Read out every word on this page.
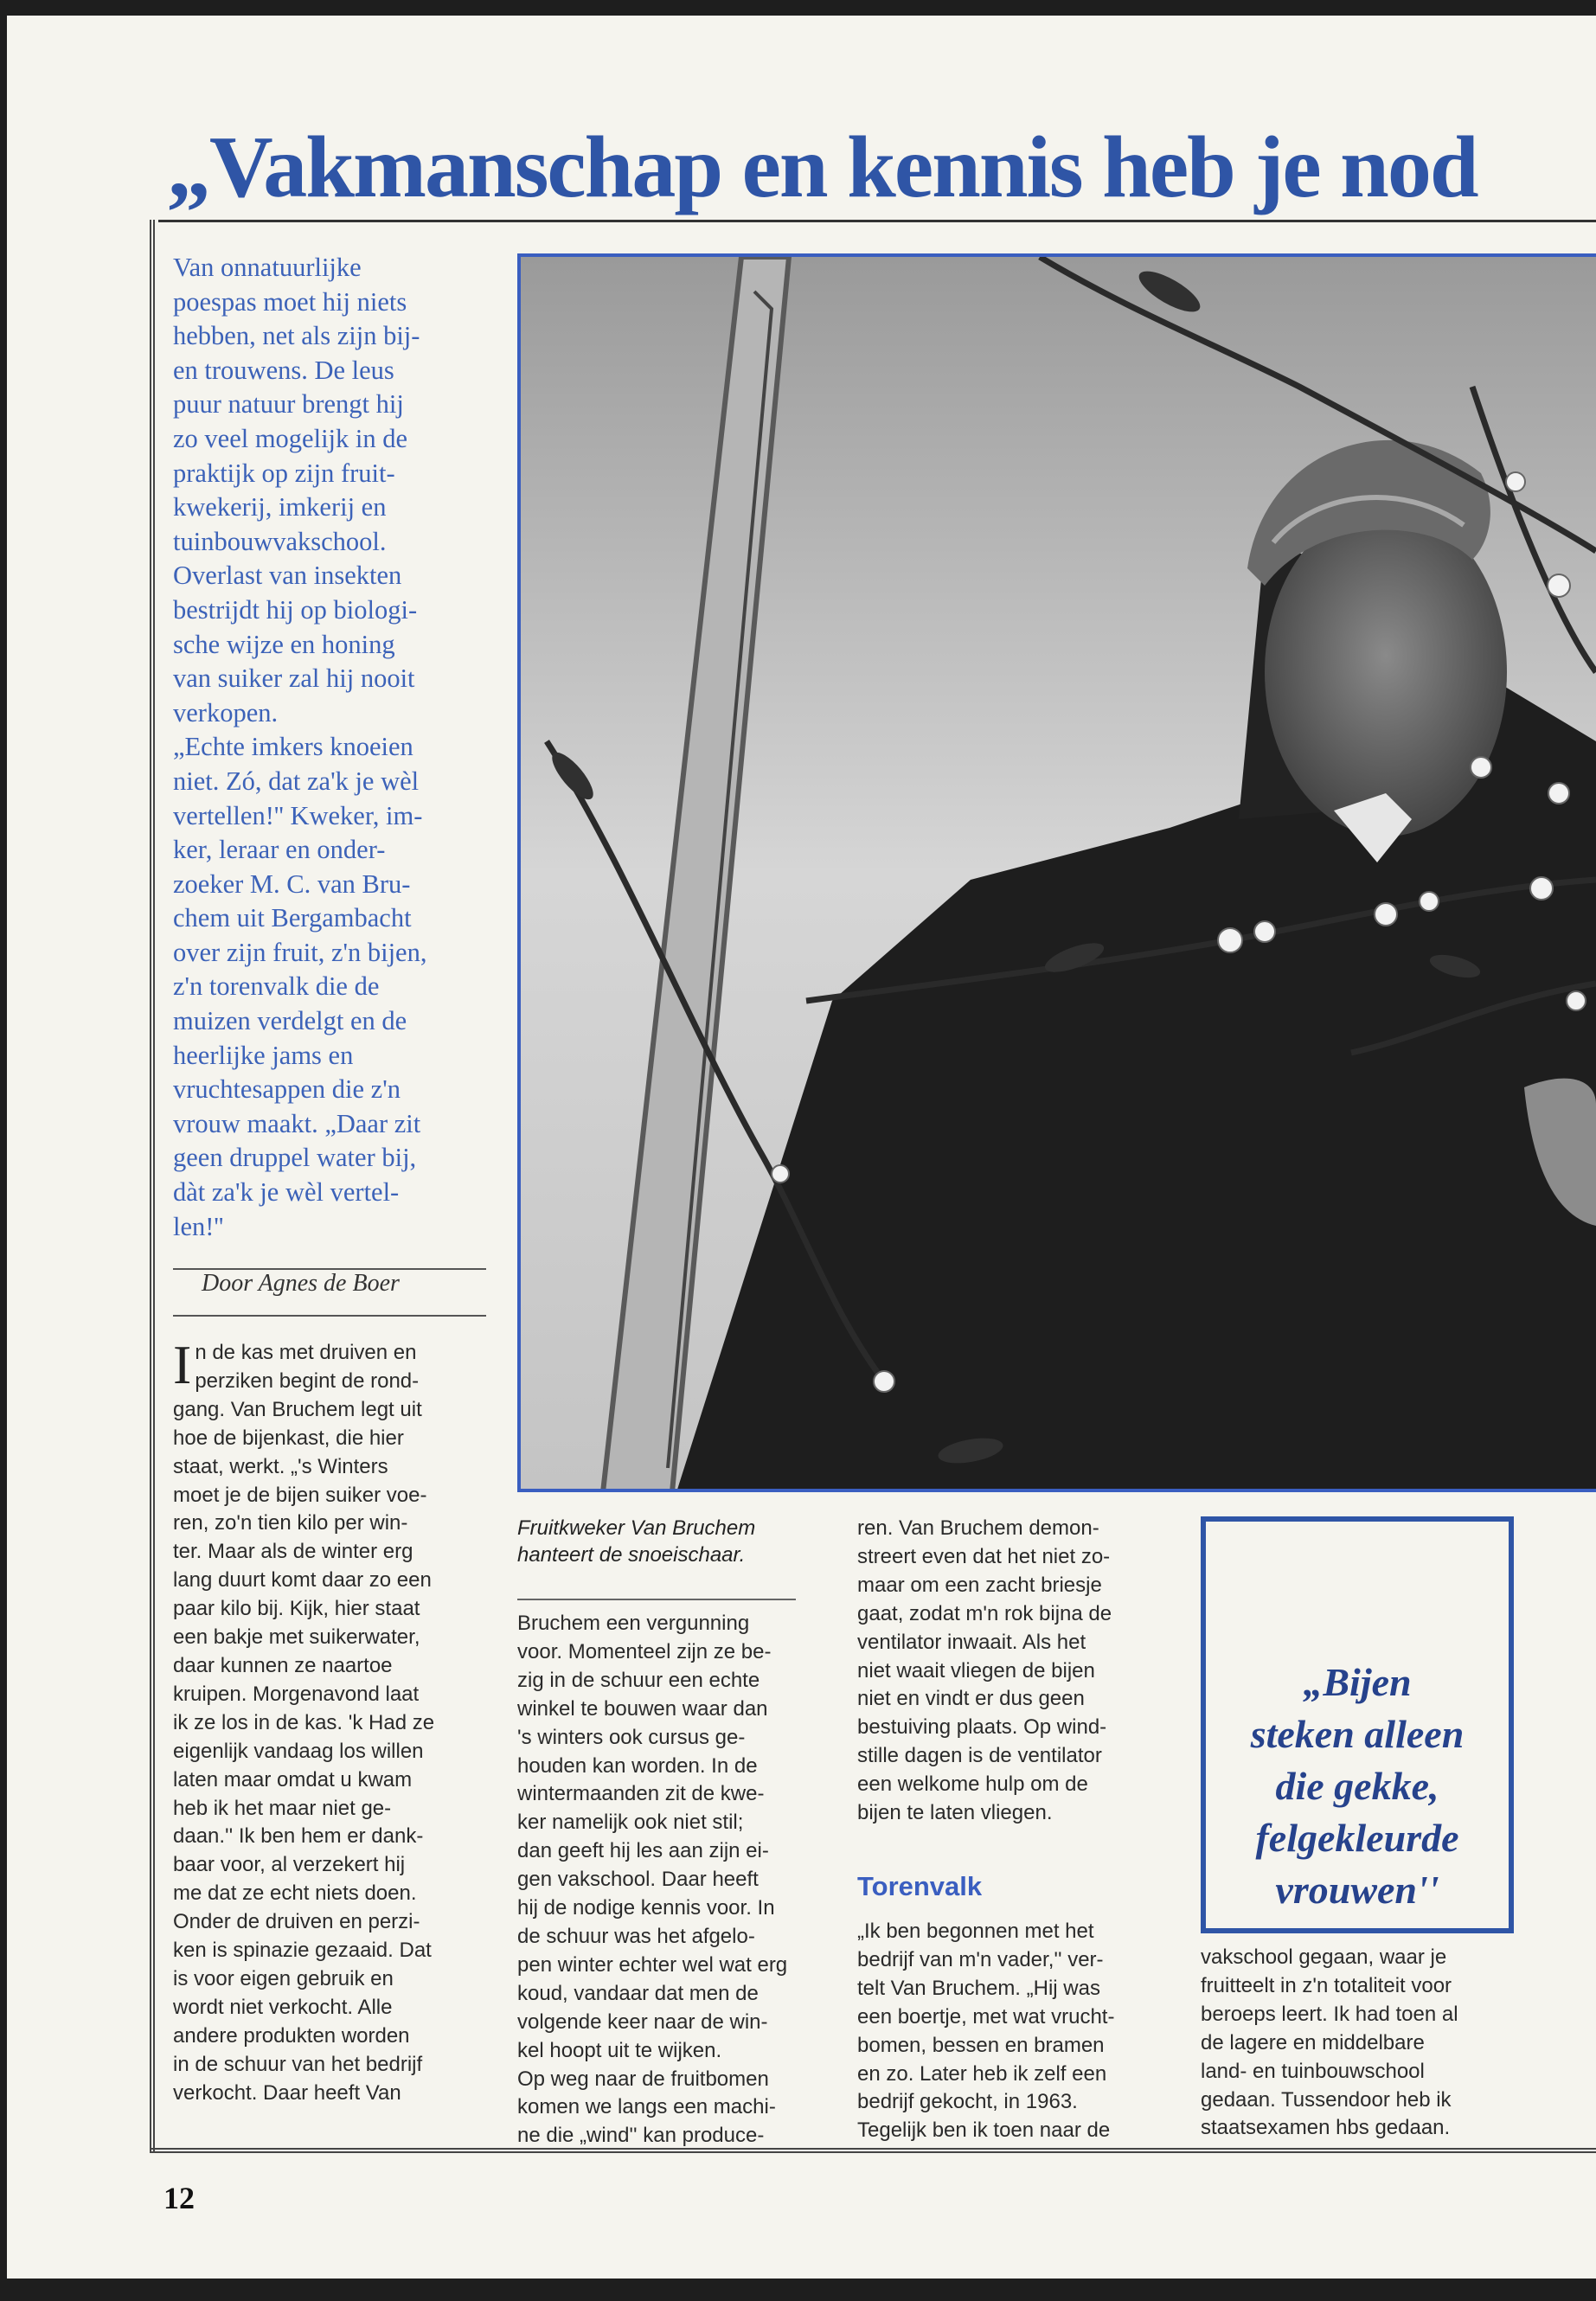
„Vakmanschap en kennis heb je nod
Van onnatuurlijke
poespas moet hij niets
hebben, net als zijn bij-
en trouwens. De leus
puur natuur brengt hij
zo veel mogelijk in de
praktijk op zijn fruit-
kwekerij, imkerij en
tuinbouwvakschool.
Overlast van insekten
bestrijdt hij op biologi-
sche wijze en honing
van suiker zal hij nooit
verkopen.
„Echte imkers knoeien
niet. Zó, dat za'k je wèl
vertellen!'' Kweker, im-
ker, leraar en onder-
zoeker M. C. van Bru-
chem uit Bergambacht
over zijn fruit, z'n bijen,
z'n torenvalk die de
muizen verdelgt en de
heerlijke jams en
vruchtesappen die z'n
vrouw maakt. „Daar zit
geen druppel water bij,
dàt za'k je wèl vertel-
len!''
Door Agnes de Boer
I n de kas met druiven en
perziken begint de rond-
gang. Van Bruchem legt uit
hoe de bijenkast, die hier
staat, werkt. „'s Winters
moet je de bijen suiker voe-
ren, zo'n tien kilo per win-
ter. Maar als de winter erg
lang duurt komt daar zo een
paar kilo bij. Kijk, hier staat
een bakje met suikerwater,
daar kunnen ze naartoe
kruipen. Morgenavond laat
ik ze los in de kas. 'k Had ze
eigenlijk vandaag los willen
laten maar omdat u kwam
heb ik het maar niet ge-
daan.'' Ik ben hem er dank-
baar voor, al verzekert hij
me dat ze echt niets doen.
Onder de druiven en perzi-
ken is spinazie gezaaid. Dat
is voor eigen gebruik en
wordt niet verkocht. Alle
andere produkten worden
in de schuur van het bedrijf
verkocht. Daar heeft Van
Fruitkweker Van Bruchem
hanteert de snoeischaar.
Bruchem een vergunning
voor. Momenteel zijn ze be-
zig in de schuur een echte
winkel te bouwen waar dan
's winters ook cursus ge-
houden kan worden. In de
wintermaanden zit de kwe-
ker namelijk ook niet stil;
dan geeft hij les aan zijn ei-
gen vakschool. Daar heeft
hij de nodige kennis voor. In
de schuur was het afgelo-
pen winter echter wel wat erg
koud, vandaar dat men de
volgende keer naar de win-
kel hoopt uit te wijken.
Op weg naar de fruitbomen
komen we langs een machi-
ne die „wind'' kan produce-
ren. Van Bruchem demon-
streert even dat het niet zo-
maar om een zacht briesje
gaat, zodat m'n rok bijna de
ventilator inwaait. Als het
niet waait vliegen de bijen
niet en vindt er dus geen
bestuiving plaats. Op wind-
stille dagen is de ventilator
een welkome hulp om de
bijen te laten vliegen.
Torenvalk
„Ik ben begonnen met het
bedrijf van m'n vader,'' ver-
telt Van Bruchem. „Hij was
een boertje, met wat vrucht-
bomen, bessen en bramen
en zo. Later heb ik zelf een
bedrijf gekocht, in 1963.
Tegelijk ben ik toen naar de
„Bijen
steken alleen
die gekke,
felgekleurde
vrouwen''
vakschool gegaan, waar je
fruitteelt in z'n totaliteit voor
beroeps leert. Ik had toen al
de lagere en middelbare
land- en tuinbouwschool
gedaan. Tussendoor heb ik
staatsexamen hbs gedaan.
12
